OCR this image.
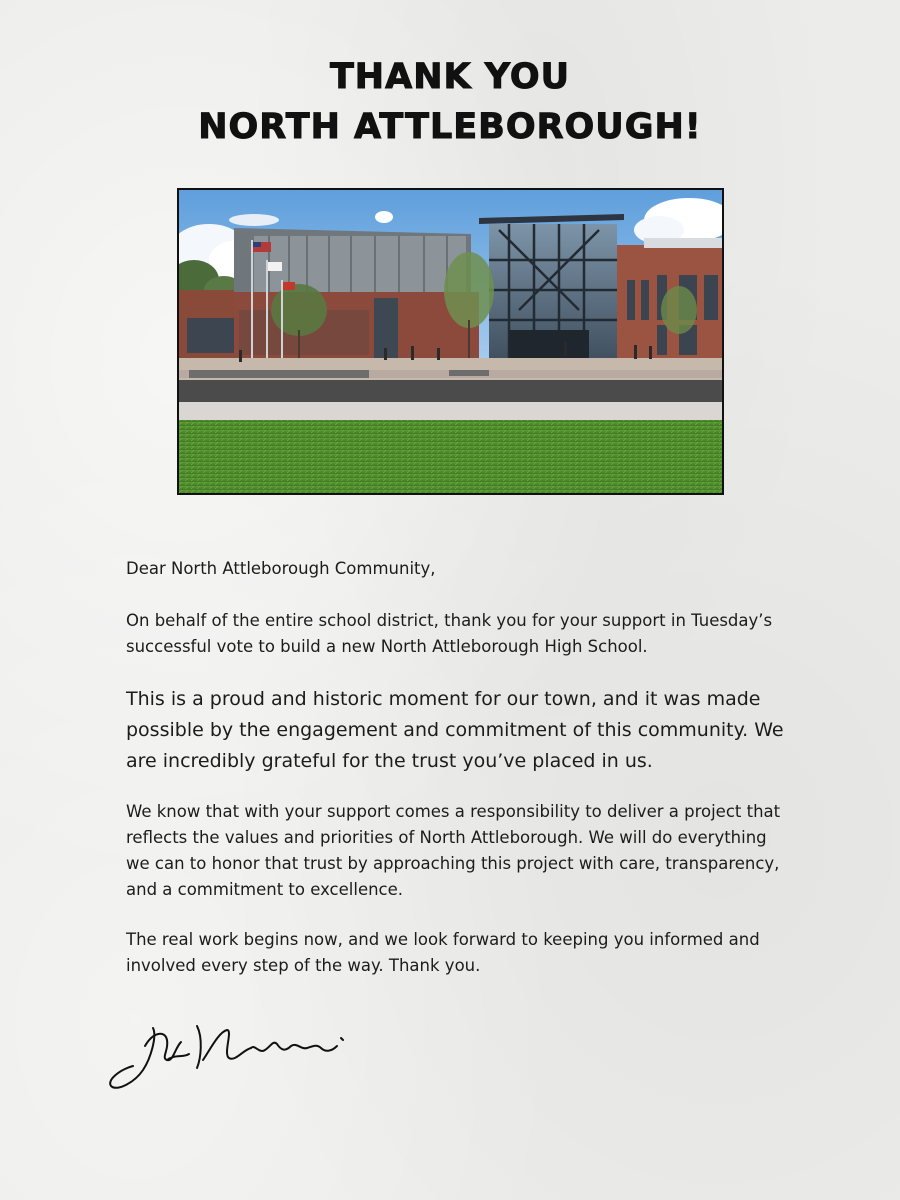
THANK YOU
NORTH ATTLEBOROUGH!

Dear North Attleborough Community,

On behalf of the entire school district, thank you for your support in Tuesday’s successful vote to build a new North Attleborough High School.

This is a proud and historic moment for our town, and it was made possible by the engagement and commitment of this community. We are incredibly grateful for the trust you’ve placed in us.

We know that with your support comes a responsibility to deliver a project that reflects the values and priorities of North Attleborough. We will do everything we can to honor that trust by approaching this project with care, transparency, and a commitment to excellence.

The real work begins now, and we look forward to keeping you informed and involved every step of the way. Thank you.
